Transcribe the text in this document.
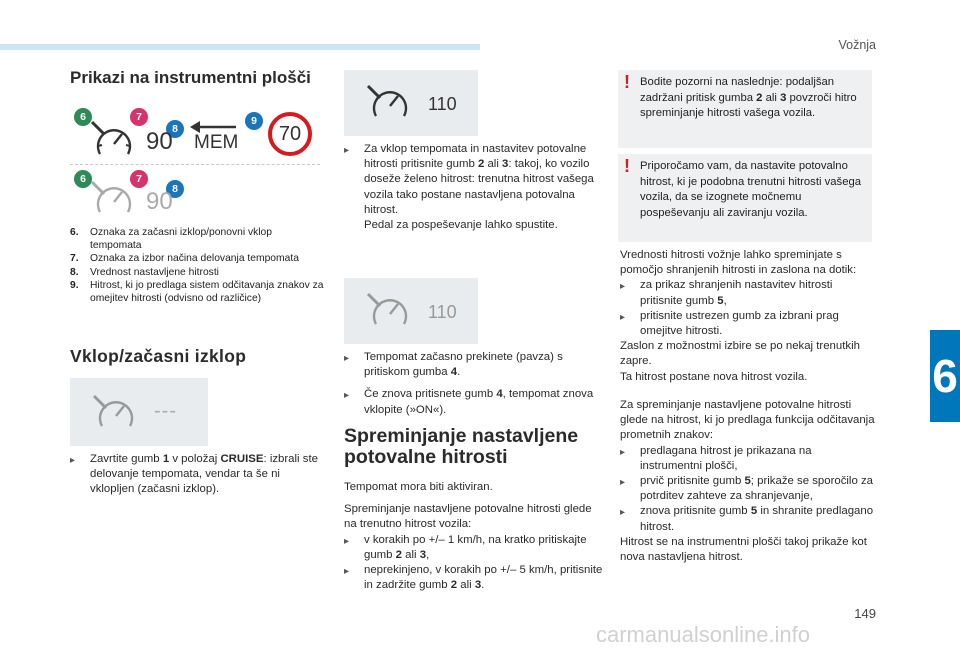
Vožnja
6
149
Prikazi na instrumentni plošči
6	7
8
9
90 MEM	70
6	7
8
90
6.	Oznaka za začasni izklop/ponovni vklop tempomata
7.	Oznaka za izbor načina delovanja tempomata
8.	Vrednost nastavljene hitrosti
9.	Hitrost, ki jo predlaga sistem odčitavanja znakov za omejitev hitrosti (odvisno od različice)
Vklop/začasni izklop
---
▸	Zavrtite gumb 1 v položaj CRUISE: izbrali ste delovanje tempomata, vendar ta še ni vklopljen (začasni izklop).
110
▸	Za vklop tempomata in nastavitev potovalne hitrosti pritisnite gumb 2 ali 3: takoj, ko vozilo doseže želeno hitrost: trenutna hitrost vašega vozila tako postane nastavljena potovalna hitrost.
Pedal za pospeševanje lahko spustite.
110
▸	Tempomat začasno prekinete (pavza) s pritiskom gumba 4.
▸	Če znova pritisnete gumb 4, tempomat znova vklopite (»ON«).
Spreminjanje nastavljene
potovalne hitrosti
Tempomat mora biti aktiviran.
Spreminjanje nastavljene potovalne hitrosti glede na trenutno hitrost vozila:
▸	v korakih po +/– 1 km/h, na kratko pritiskajte gumb 2 ali 3,
▸	neprekinjeno, v korakih po +/– 5 km/h, pritisnite in zadržite gumb 2 ali 3.
! Bodite pozorni na naslednje: podaljšan zadržani pritisk gumba 2 ali 3 povzroči hitro spreminjanje hitrosti vašega vozila.
! Priporočamo vam, da nastavite potovalno hitrost, ki je podobna trenutni hitrosti vašega vozila, da se izognete močnemu pospeševanju ali zaviranju vozila.
Vrednosti hitrosti vožnje lahko spreminjate s pomočjo shranjenih hitrosti in zaslona na dotik:
▸	za prikaz shranjenih nastavitev hitrosti pritisnite gumb 5,
▸	pritisnite ustrezen gumb za izbrani prag omejitve hitrosti.
Zaslon z možnostmi izbire se po nekaj trenutkih zapre.
Ta hitrost postane nova hitrost vozila.
Za spreminjanje nastavljene potovalne hitrosti glede na hitrost, ki jo predlaga funkcija odčitavanja prometnih znakov:
▸	predlagana hitrost je prikazana na instrumentni plošči,
▸	prvič pritisnite gumb 5; prikaže se sporočilo za potrditev zahteve za shranjevanje,
▸	znova pritisnite gumb 5 in shranite predlagano hitrost.
Hitrost se na instrumentni plošči takoj prikaže kot nova nastavljena hitrost.
carmanualsonline.info
